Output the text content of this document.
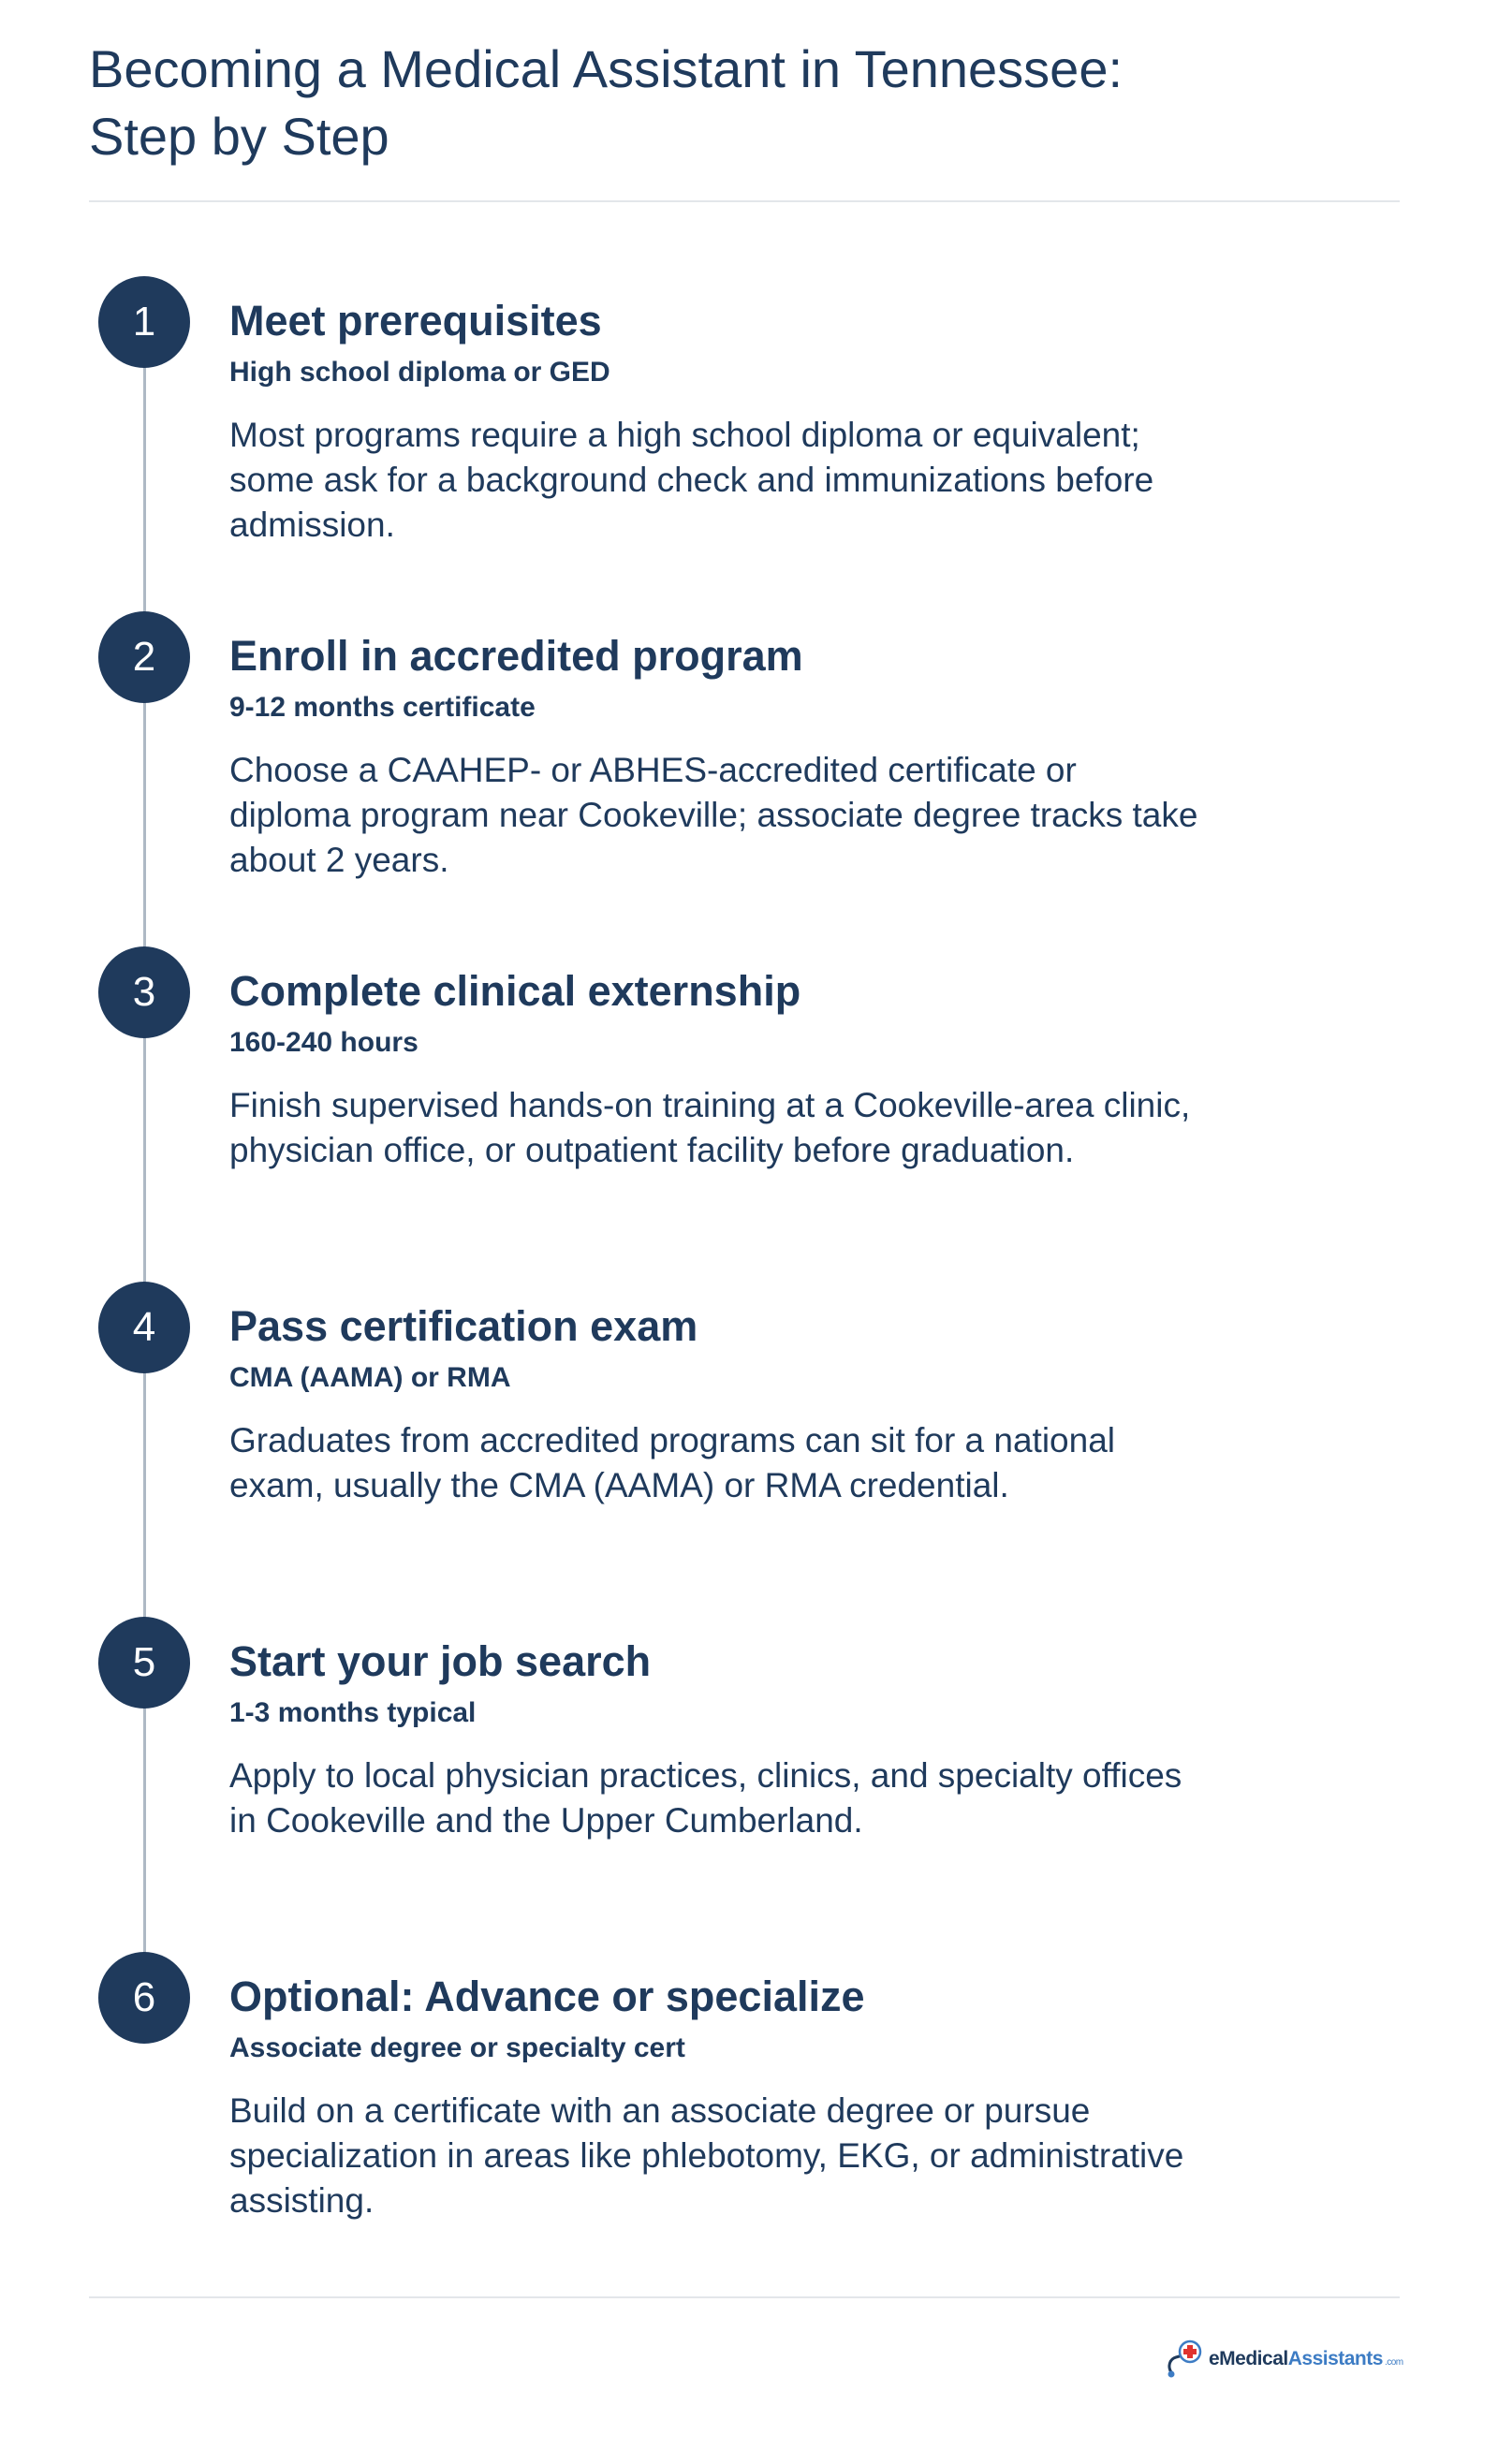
Becoming a Medical Assistant in Tennessee:
Step by Step
1	Meet prerequisites
High school diploma or GED
Most programs require a high school diploma or equivalent; some ask for a background check and immunizations before admission.
2	Enroll in accredited program
9-12 months certificate
Choose a CAAHEP- or ABHES-accredited certificate or diploma program near Cookeville; associate degree tracks take about 2 years.
3	Complete clinical externship
160-240 hours
Finish supervised hands-on training at a Cookeville-area clinic, physician office, or outpatient facility before graduation.
4	Pass certification exam
CMA (AAMA) or RMA
Graduates from accredited programs can sit for a national exam, usually the CMA (AAMA) or RMA credential.
5	Start your job search
1-3 months typical
Apply to local physician practices, clinics, and specialty offices in Cookeville and the Upper Cumberland.
6	Optional: Advance or specialize
Associate degree or specialty cert
Build on a certificate with an associate degree or pursue specialization in areas like phlebotomy, EKG, or administrative assisting.
eMedicalAssistants .com
